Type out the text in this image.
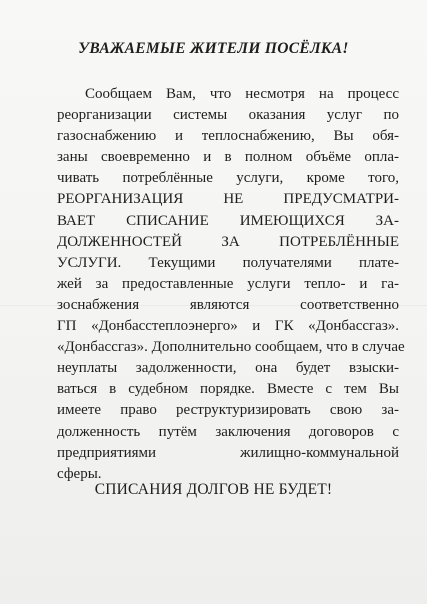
УВАЖАЕМЫЕ ЖИТЕЛИ ПОСЁЛКА!
Сообщаем Вам, что несмотря на процесс
реорганизации системы оказания услуг по
газоснабжению и теплоснабжению, Вы обя-
заны своевременно и в полном объёме опла-
чивать потреблённые услуги, кроме того,
РЕОРГАНИЗАЦИЯ НЕ ПРЕДУСМАТРИ-
ВАЕТ СПИСАНИЕ ИМЕЮЩИХСЯ ЗА-
ДОЛЖЕННОСТЕЙ ЗА ПОТРЕБЛЁННЫЕ
УСЛУГИ. Текущими получателями плате-
жей за предоставленные услуги тепло- и га-
зоснабжения являются соответственно
ГП «Донбасстеплоэнерго» и ГК «Донбассгаз».
«Донбассгаз». Дополнительно сообщаем, что в случае
неуплаты задолженности, она будет взыски-
ваться в судебном порядке. Вместе с тем Вы
имеете право реструктуризировать свою за-
долженность путём заключения договоров с
предприятиями жилищно-коммунальной
сферы.
СПИСАНИЯ ДОЛГОВ НЕ БУДЕТ!
